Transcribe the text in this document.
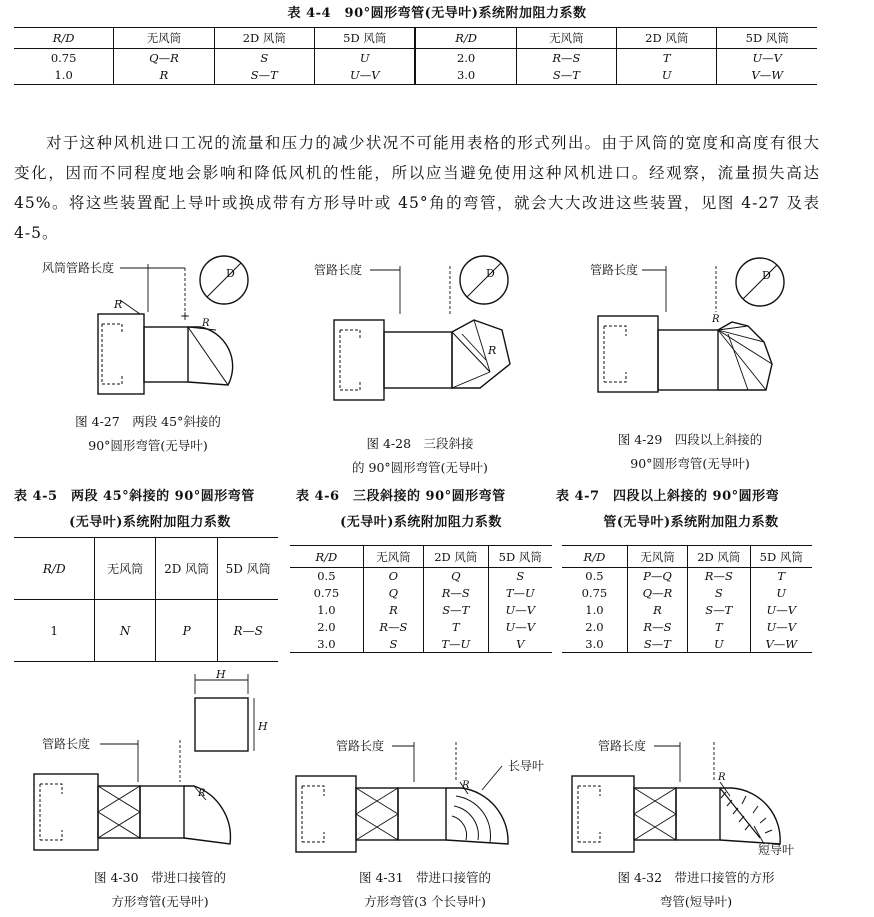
表 4-4　90°圆形弯管(无导叶)系统附加阻力系数
R/D	无风筒	2D 风筒	5D 风筒	R/D	无风筒	2D 风筒	5D 风筒
0.75	Q—R	S	U	2.0	R—S	T	U—V
1.0	R	S—T	U—V	3.0	S—T	U	V—W
对于这种风机进口工况的流量和压力的减少状况不可能用表格的形式列出。由于风筒的宽度和高度有很大变化，因而不同程度地会影响和降低风机的性能，所以应当避免使用这种风机进口。经观察，流量损失高达 45%。将这些装置配上导叶或换成带有方形导叶或 45°角的弯管，就会大大改进这些装置，见图 4-27 及表 4-5。
风筒管路长度	D
R
R
+
图 4-27　两段 45°斜接的
90°圆形弯管(无导叶)
管路长度	D
R
图 4-28　三段斜接
的 90°圆形弯管(无导叶)
管路长度	D
R
图 4-29　四段以上斜接的
90°圆形弯管(无导叶)
表 4-5　两段 45°斜接的 90°圆形弯管
(无导叶)系统附加阻力系数
R/D	无风筒	2D 风筒	5D 风筒
1	N	P	R—S
表 4-6　三段斜接的 90°圆形弯管
(无导叶)系统附加阻力系数
R/D	无风筒	2D 风筒	5D 风筒
0.5	O	Q	S
0.75	Q	R—S	T—U
1.0	R	S—T	U—V
2.0	R—S	T	U—V
3.0	S	T—U	V
表 4-7　四段以上斜接的 90°圆形弯
管(无导叶)系统附加阻力系数
R/D	无风筒	2D 风筒	5D 风筒
0.5	P—Q	R—S	T
0.75	Q—R	S	U
1.0	R	S—T	U—V
2.0	R—S	T	U—V
3.0	S—T	U	V—W
H
H
管路长度
R
图 4-30　带进口接管的
方形弯管(无导叶)
管路长度
长导叶
R
图 4-31　带进口接管的
方形弯管(3 个长导叶)
管路长度
R
短导叶
图 4-32　带进口接管的方形
弯管(短导叶)
